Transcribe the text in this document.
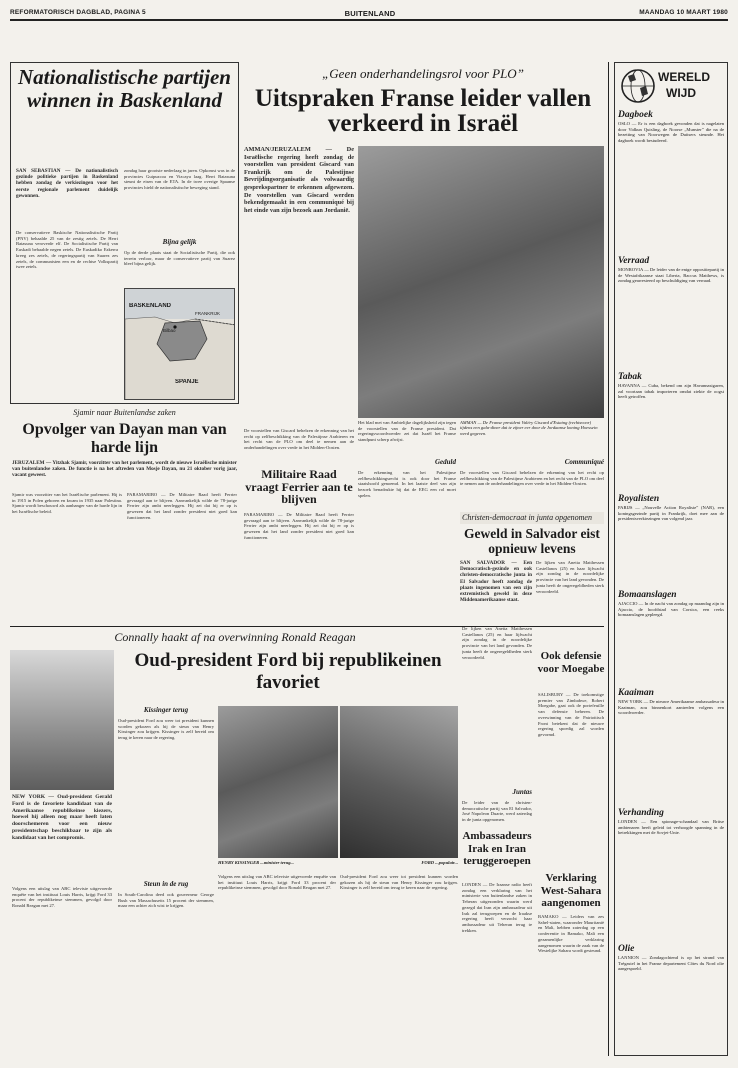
REFORMATORISCH DAGBLAD, PAGINA 5	BUITENLAND	MAANDAG 10 MAART 1980
Nationalistische partijen winnen in Baskenland
SAN SEBASTIAN — De nationalistisch gezinde politieke partijen in Baskenland hebben zondag de verkiezingen voor het eerste regionale parlement duidelijk gewonnen.
De conservatieve Baskische Nationalistische Partij (PNV) behaalde 25 van de zestig zetels. De Herri Batasuna veroverde elf. De Socialistische Partij van Euskadi behaalde negen zetels. De Euskadiko Ezkerra kreeg zes zetels, de regeringspartij van Suarez zes zetels, de communisten een en de rechtse Volkspartij twee zetels.
zondag haar grootste nederlaag in jaren. Opkomst was in de provincies Guipuzcoa en Vizcaya laag. Herri Batasuna steunt de eisen van de ETA. In de twee overige Spaanse provincies hield de nationalistische beweging stand.
Bijna gelijk
Op de derde plaats staat de Socialistische Partij, die ook terrein verloor, maar de conservatieve partij van Suarez bleef bijna gelijk.
BASKENLAND
Bilbao
FRANKRIJK
SPANJE
Sjamir naar Buitenlandse zaken
Opvolger van Dayan man van harde lijn
JERUZALEM — Yitzhak Sjamir, voorzitter van het parlement, wordt de nieuwe Israëlische minister van buitenlandse zaken. De functie is na het aftreden van Mosje Dayan, nu 21 oktober vorig jaar, vacant geweest.
Sjamir was voorzitter van het Israëlische parlement. Hij is in 1915 in Polen geboren en kwam in 1935 naar Palestina. Sjamir wordt beschouwd als aanhanger van de harde lijn in het Israëlische beleid.
PARAMARIBO — De Militaire Raad heeft Ferrier gevraagd aan te blijven. Aanvankelijk wilde de 78-jarige Ferrier zijn ambt neerleggen. Hij zei dat hij er op is gewezen dat het land zonder president niet goed kan functioneren.
„Geen onderhandelingsrol voor PLO”
Uitspraken Franse leider vallen verkeerd in Israël
AMMAN/JERUZALEM — De Israëlische regering heeft zondag de voorstellen van president Giscard van Frankrijk om de Palestijnse Bevrijdingsorganisatie als volwaardig gesprekspartner te erkennen afgewezen. De voorstellen van Giscard werden bekendgemaakt in een communiqué bij het einde van zijn bezoek aan Jordanië.
AMMAN — De Franse president Valéry Giscard d'Estaing (rechtsvoor) tijdens een gala-diner dat te zijner eer door de Jordaanse koning Hoessein werd gegeven.
De voorstellen van Giscard behelzen de erkenning van het recht op zelfbeschikking van de Palestijnse Arabieren en het recht van de PLO om deel te nemen aan de onderhandelingen over vrede in het Midden-Oosten.
Het blad met van Ambtelijke dagelijksheid zijn tegen de voorstellen van de Franse president. Dat regeringswoordvoerder zei dat Israël het Franse standpunt scherp afwijst.
Militaire Raad vraagt Ferrier aan te blijven
PARAMARIBO — De Militaire Raad heeft Ferrier gevraagd aan te blijven. Aanvankelijk wilde de 78-jarige Ferrier zijn ambt neerleggen. Hij zei dat hij er op is gewezen dat het land zonder president niet goed kan functioneren.
Geduld
De erkenning van het Palestijnse zelfbeschikkingsrecht is ook door het Franse staatshoofd genoemd. In het laatste deel van zijn bezoek benadrukte hij dat de EEG een rol moet spelen.
Communiqué
De voorstellen van Giscard behelzen de erkenning van het recht op zelfbeschikking van de Palestijnse Arabieren en het recht van de PLO om deel te nemen aan de onderhandelingen over vrede in het Midden-Oosten.
Christen-democraat in junta opgenomen
Geweld in Salvador eist opnieuw levens
SAN SALVADOR — Een Democratisch-gezinde en ook christen-democratische junta in El Salvador heeft zondag de plaats ingenomen van een zijn extremistisch geweld in deze Middenamerikaanse staat.
De lijken van Anetta Matthessen Castellanos (25) en haar lijfwacht zijn zondag in de noordelijke provincie van het land gevonden. De junta heeft de ongeregeldheden sterk veroordeeld.
Connally haakt af na overwinning Ronald Reagan
Oud-president Ford bij republikeinen favoriet
NEW YORK — Oud-president Gerald Ford is de favoriete kandidaat van de Amerikaanse republikeinse kiezers, hoewel hij alleen nog maar heeft laten doorschemeren voor een nieuw presidentschap beschikbaar te zijn als kandidaat van het compromis.
Volgens een uitslag van ABC televisie uitgevoerde enquête van het instituut Louis Harris, krijgt Ford 33 procent der republikeinse stemmen, gevolgd door Ronald Reagan met 27.
Kissinger terug
Oud-president Ford zou weer tot president kunnen worden gekozen als hij de steun van Henry Kissinger zou krijgen. Kissinger is zelf bereid om terug te keren naar de regering.
Steun in de rug
In South-Carolina deed ook gouverneur George Bush van Massachusetts 15 procent der stemmen, maar een achter zich wist te krijgen.
HENRY KISSINGER ...minister terug...	FORD ...populair...
Volgens een uitslag van ABC televisie uitgevoerde enquête van het instituut Louis Harris, krijgt Ford 33 procent der republikeinse stemmen, gevolgd door Ronald Reagan met 27.
Oud-president Ford zou weer tot president kunnen worden gekozen als hij de steun van Henry Kissinger zou krijgen. Kissinger is zelf bereid om terug te keren naar de regering.
De lijken van Anetta Matthessen Castellanos (25) en haar lijfwacht zijn zondag in de noordelijke provincie van het land gevonden. De junta heeft de ongeregeldheden sterk veroordeeld.
Juntas
De leider van de christen-democratische partij van El Salvador, José Napoleon Duarte, werd zaterdag in de junta opgenomen.
Ambassadeurs Irak en Iran teruggeroepen
LONDEN — De Iraanse radio heeft zondag een verklaring van het ministerie van buitenlandse zaken in Teheran uitgezonden waarin werd gezegd dat Iran zijn ambassadeur uit Irak zal terugroepen en de Iraakse regering heeft verzocht haar ambassadeur uit Teheran terug te trekken.
Ook defensie voor Moegabe
SALISBURY — De toekomstige premier van Zimbabwe, Robert Moegabe, gaat ook de portefeuille van defensie beheren. De overwinning van de Patriottisch Front betekent dat de nieuwe regering spoedig zal worden gevormd.
Verklaring West-Sahara aangenomen
BAMAKO — Leiders van zes Sahel-staten, waaronder Mauritanië en Mali, hebben zaterdag op een conferentie in Bamako, Mali een gezamenlijke verklaring aangenomen waarin de zaak van de Westelijke Sahara wordt gesteund.
WERELD
WIJD
Dagboek
OSLO — Er is een dagboek gevonden dat is nagelaten door Vidkun Quisling, de Noorse „Munster” die na de bezetting van Noorwegen de Duitsers steunde. Het dagboek wordt bestudeerd.
Verraad
MONROVIA — De leider van de enige oppositiepartij in de Westafrikaanse staat Liberia, Baccus Matthews, is zondag gearresteerd op beschuldiging van verraad.
Tabak
HAVANNA — Cuba, bekend om zijn Havannasigaren, zal voortaan tabak importeren omdat ziekte de oogst heeft getroffen.
Royalisten
PARIJS — „Nouvelle Action Royaliste” (NAR), een koningsgezinde partij in Frankrijk, doet mee aan de presidentsverkiezingen van volgend jaar.
Bomaanslagen
AJACCIO — In de nacht van zondag op maandag zijn in Ajaccio, de hoofdstad van Corsica, een reeks bomaanslagen gepleegd.
Kaaiman
NEW YORK — De nieuwe Amerikaanse ambassadeur in Kaaiman, zou binnenkort aantreden volgens een woordvoerder.
Verhanding
LONDEN — Een spionage-schandaal van Britse ambtenaren heeft geleid tot verhoogde spanning in de betrekkingen met de Sovjet-Unie.
Olie
LANNION — Zondagochtend is op het strand van Trégastel in het Franse departement Côtes du Nord olie aangespoeld.
